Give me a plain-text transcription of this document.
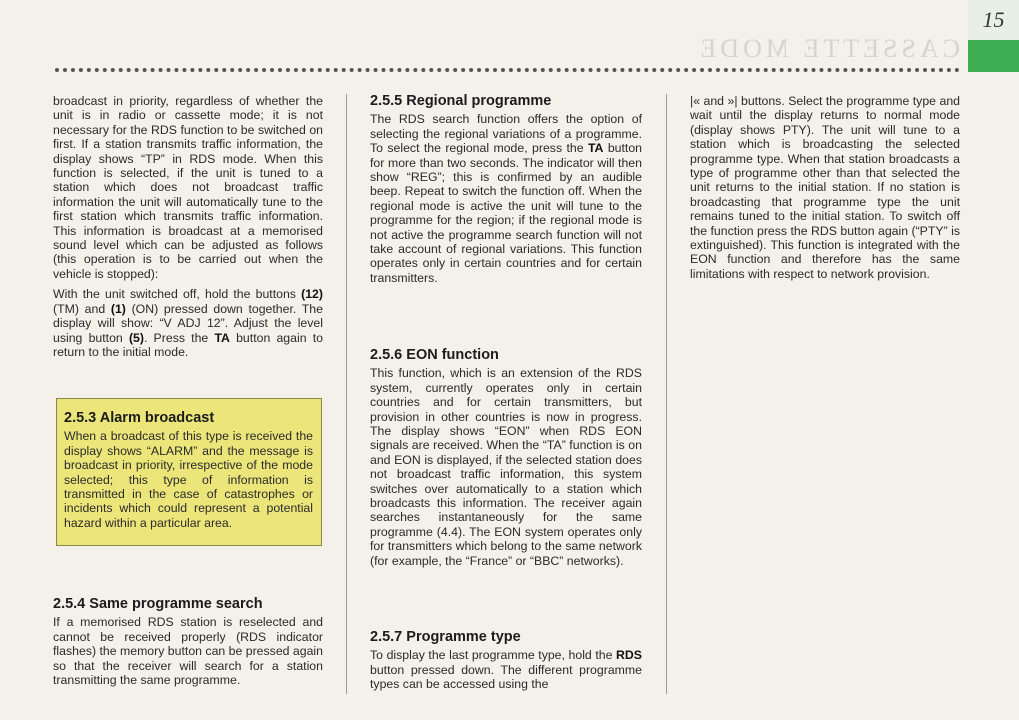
CASSETTE MODE
15

broadcast in priority, regardless of whether the unit is in radio or cassette mode; it is not necessary for the RDS function to be switched on first. If a station transmits traffic information, the display shows “TP” in RDS mode. When this function is selected, if the unit is tuned to a station which does not broadcast traffic information the unit will automatically tune to the first station which transmits traffic information. This information is broadcast at a memorised sound level which can be adjusted as follows (this operation is to be carried out when the vehicle is stopped):

With the unit switched off, hold the buttons (12) (TM) and (1) (ON) pressed down together. The display will show: “V ADJ 12”. Adjust the level using button (5). Press the TA button again to return to the initial mode.

2.5.3 Alarm broadcast

When a broadcast of this type is received the display shows “ALARM” and the message is broadcast in priority, irrespective of the mode selected; this type of information is transmitted in the case of catastrophes or incidents which could represent a potential hazard within a particular area.

2.5.4 Same programme search

If a memorised RDS station is reselected and cannot be received properly (RDS indicator flashes) the memory button can be pressed again so that the receiver will search for a station transmitting the same programme.

2.5.5 Regional programme

The RDS search function offers the option of selecting the regional variations of a programme. To select the regional mode, press the TA button for more than two seconds. The indicator will then show “REG”; this is confirmed by an audible beep. Repeat to switch the function off. When the regional mode is active the unit will tune to the programme for the region; if the regional mode is not active the programme search function will not take account of regional variations. This function operates only in certain countries and for certain transmitters.

2.5.6 EON function

This function, which is an extension of the RDS system, currently operates only in certain countries and for certain transmitters, but provision in other countries is now in progress. The display shows “EON” when RDS EON signals are received. When the “TA” function is on and EON is displayed, if the selected station does not broadcast traffic information, this system switches over automatically to a station which broadcasts this information. The receiver again searches instantaneously for the same programme (4.4). The EON system operates only for transmitters which belong to the same network (for example, the “France” or “BBC” networks).

2.5.7 Programme type

To display the last programme type, hold the RDS button pressed down. The different programme types can be accessed using the

|« and »| buttons. Select the programme type and wait until the display returns to normal mode (display shows PTY). The unit will tune to a station which is broadcasting the selected programme type. When that station broadcasts a type of programme other than that selected the unit returns to the initial station. If no station is broadcasting that programme type the unit remains tuned to the initial station. To switch off the function press the RDS button again (“PTY” is extinguished). This function is integrated with the EON function and therefore has the same limitations with respect to network provision.
